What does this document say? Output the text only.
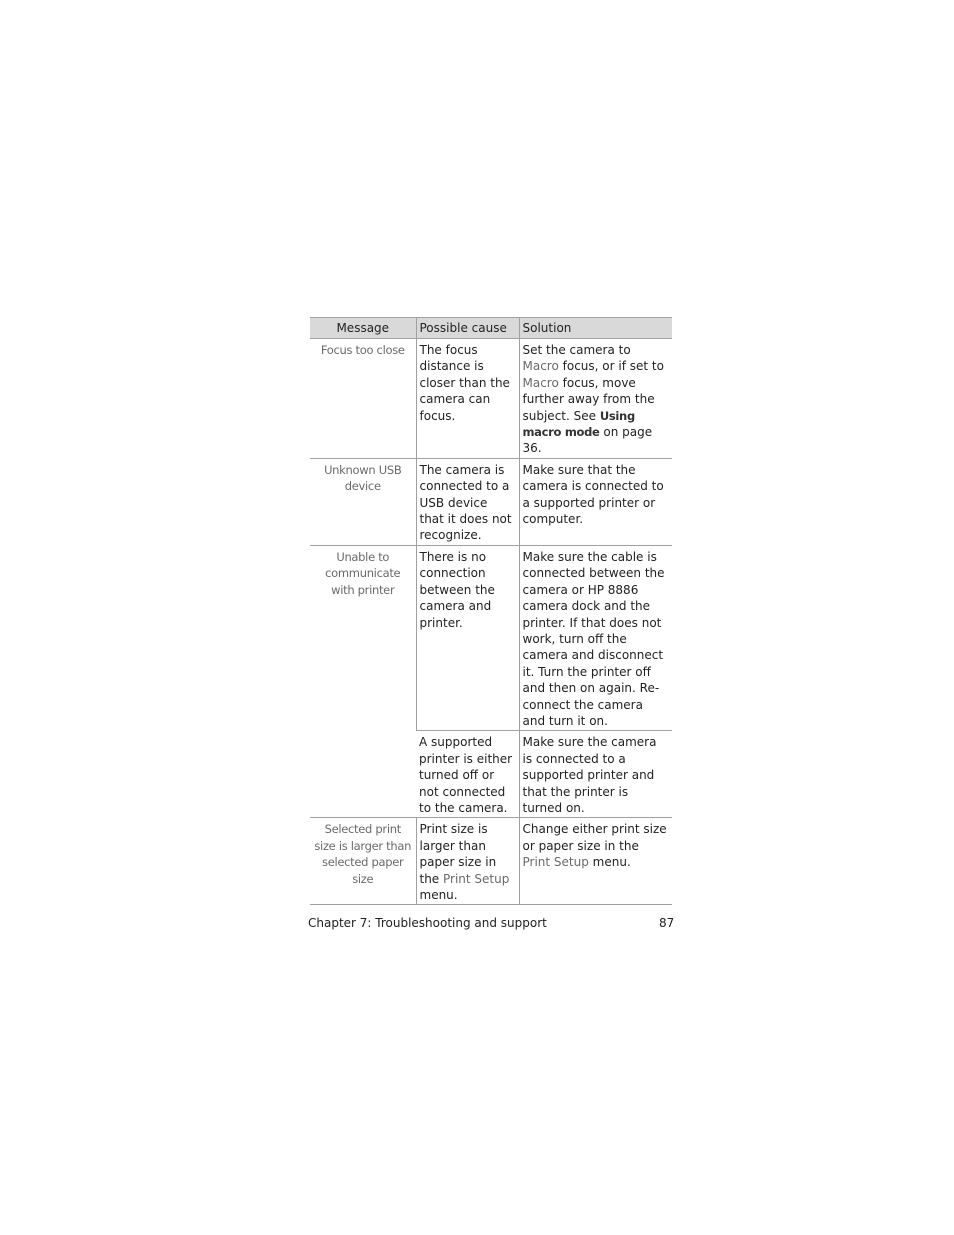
Message	Possible cause	Solution
Focus too close	The focus distance is closer than the camera can focus.	Set the camera to Macro focus, or if set to Macro focus, move further away from the subject. See Using macro mode on page 36.
Unknown USB device	The camera is connected to a USB device that it does not recognize.	Make sure that the camera is connected to a supported printer or computer.
Unable to communicate with printer	There is no connection between the camera and printer.	Make sure the cable is connected between the camera or HP 8886 camera dock and the printer. If that does not work, turn off the camera and disconnect it. Turn the printer off and then on again. Re-connect the camera and turn it on.
	A supported printer is either turned off or not connected to the camera.	Make sure the camera is connected to a supported printer and that the printer is turned on.
Selected print size is larger than selected paper size	Print size is larger than paper size in the Print Setup menu.	Change either print size or paper size in the Print Setup menu.
Chapter 7: Troubleshooting and support	87
